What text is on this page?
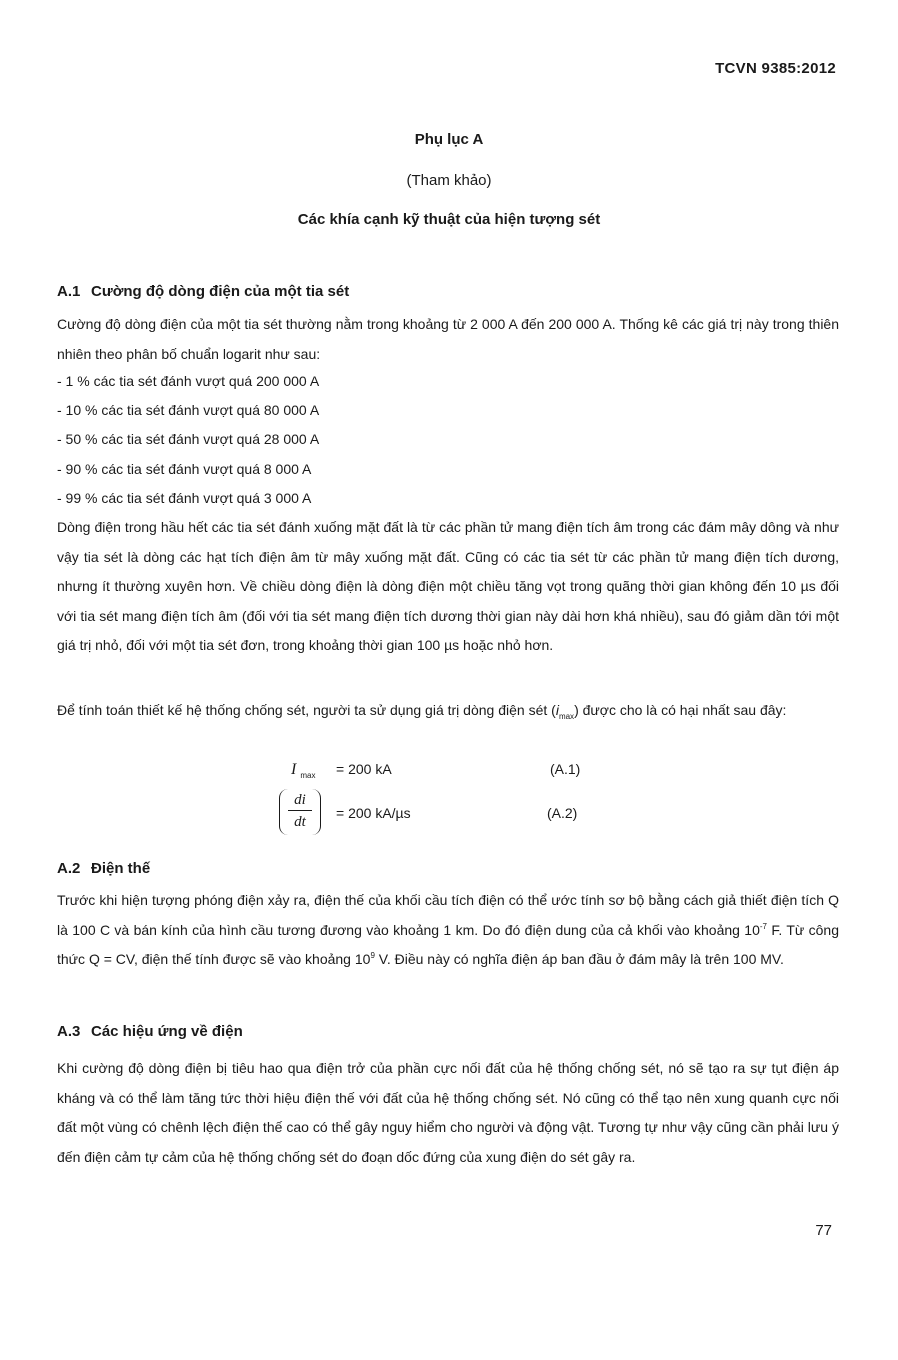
TCVN 9385:2012
Phụ lục A
(Tham khảo)
Các khía cạnh kỹ thuật của hiện tượng sét
A.1 Cường độ dòng điện của một tia sét
Cường độ dòng điện của một tia sét thường nằm trong khoảng từ 2 000 A đến 200 000 A. Thống kê các giá trị này trong thiên nhiên theo phân bố chuẩn logarit như sau:
- 1 % các tia sét đánh vượt quá 200 000 A
- 10 % các tia sét đánh vượt quá 80 000 A
- 50 % các tia sét đánh vượt quá 28 000 A
- 90 % các tia sét đánh vượt quá 8 000 A
- 99 % các tia sét đánh vượt quá 3 000 A
Dòng điện trong hầu hết các tia sét đánh xuống mặt đất là từ các phần tử mang điện tích âm trong các đám mây dông và như vậy tia sét là dòng các hạt tích điện âm từ mây xuống mặt đất. Cũng có các tia sét từ các phần tử mang điện tích dương, nhưng ít thường xuyên hơn. Về chiều dòng điện là dòng điện một chiều tăng vọt trong quãng thời gian không đến 10 µs đối với tia sét mang điện tích âm (đối với tia sét mang điện tích dương thời gian này dài hơn khá nhiều), sau đó giảm dần tới một giá trị nhỏ, đối với một tia sét đơn, trong khoảng thời gian 100 µs hoặc nhỏ hơn.
Để tính toán thiết kế hệ thống chống sét, người ta sử dụng giá trị dòng điện sét $(i_{max})$ được cho là có hại nhất sau đây:
I $_{max}$ = 200 kA	(A.1)
$\frac{di}{dt} = 200$ kA/µs	(A.2)
A.2 Điện thế
Trước khi hiện tượng phóng điện xảy ra, điện thế của khối cầu tích điện có thể ước tính sơ bộ bằng cách giả thiết điện tích Q là 100 C và bán kính của hình cầu tương đương vào khoảng 1 km. Do đó điện dung của cả khối vào khoảng $10^{-7}$ F. Từ công thức Q = CV, điện thế tính được sẽ vào khoảng $10^9$ V. Điều này có nghĩa điện áp ban đầu ở đám mây là trên 100 MV.
A.3 Các hiệu ứng về điện
Khi cường độ dòng điện bị tiêu hao qua điện trở của phần cực nối đất của hệ thống chống sét, nó sẽ tạo ra sự tụt điện áp kháng và có thể làm tăng tức thời hiệu điện thế với đất của hệ thống chống sét. Nó cũng có thể tạo nên xung quanh cực nối đất một vùng có chênh lệch điện thế cao có thể gây nguy hiểm cho người và động vật. Tương tự như vậy cũng cần phải lưu ý đến điện cảm tự cảm của hệ thống chống sét do đoạn dốc đứng của xung điện do sét gây ra.
77
